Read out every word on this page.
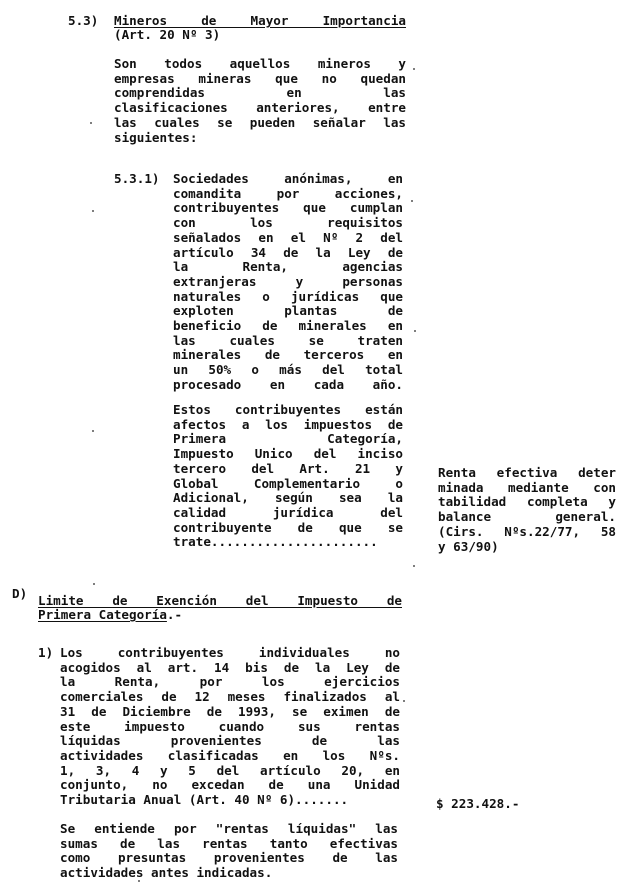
5.3) Mineros de Mayor Importancia
(Art. 20 Nº 3)
Son todos aquellos mineros y
empresas mineras que no quedan
comprendidas en las
clasificaciones anteriores, entre
las cuales se pueden señalar las
siguientes:
5.3.1) Sociedades anónimas, en
comandita por acciones,
contribuyentes que cumplan
con los requisitos
señalados en el Nº 2 del
artículo 34 de la Ley de
la Renta, agencias
extranjeras y personas
naturales o jurídicas que
exploten plantas de
beneficio de minerales en
las cuales se traten
minerales de terceros en
un 50% o más del total
procesado en cada año.
Estos contribuyentes están
afectos a los impuestos de
Primera Categoría,
Impuesto Unico del inciso
tercero del Art. 21 y
Global Complementario o
Adicional, según sea la
calidad jurídica del
contribuyente de que se
trate......................
Renta efectiva deter
minada mediante con
tabilidad completa y
balance general.
(Cirs. Nºs.22/77, 58
y 63/90)
D) Limite de Exención del Impuesto de
Primera Categoría.-
1) Los contribuyentes individuales no
acogidos al art. 14 bis de la Ley de
la Renta, por los ejercicios
comerciales de 12 meses finalizados al
31 de Diciembre de 1993, se eximen de
este impuesto cuando sus rentas
líquidas provenientes de las
actividades clasificadas en los Nºs.
1, 3, 4 y 5 del artículo 20, en
conjunto, no excedan de una Unidad
Tributaria Anual (Art. 40 Nº 6).......	$ 223.428.-
Se entiende por "rentas líquidas" las
sumas de las rentas tanto efectivas
como presuntas provenientes de las
actividades antes indicadas.
